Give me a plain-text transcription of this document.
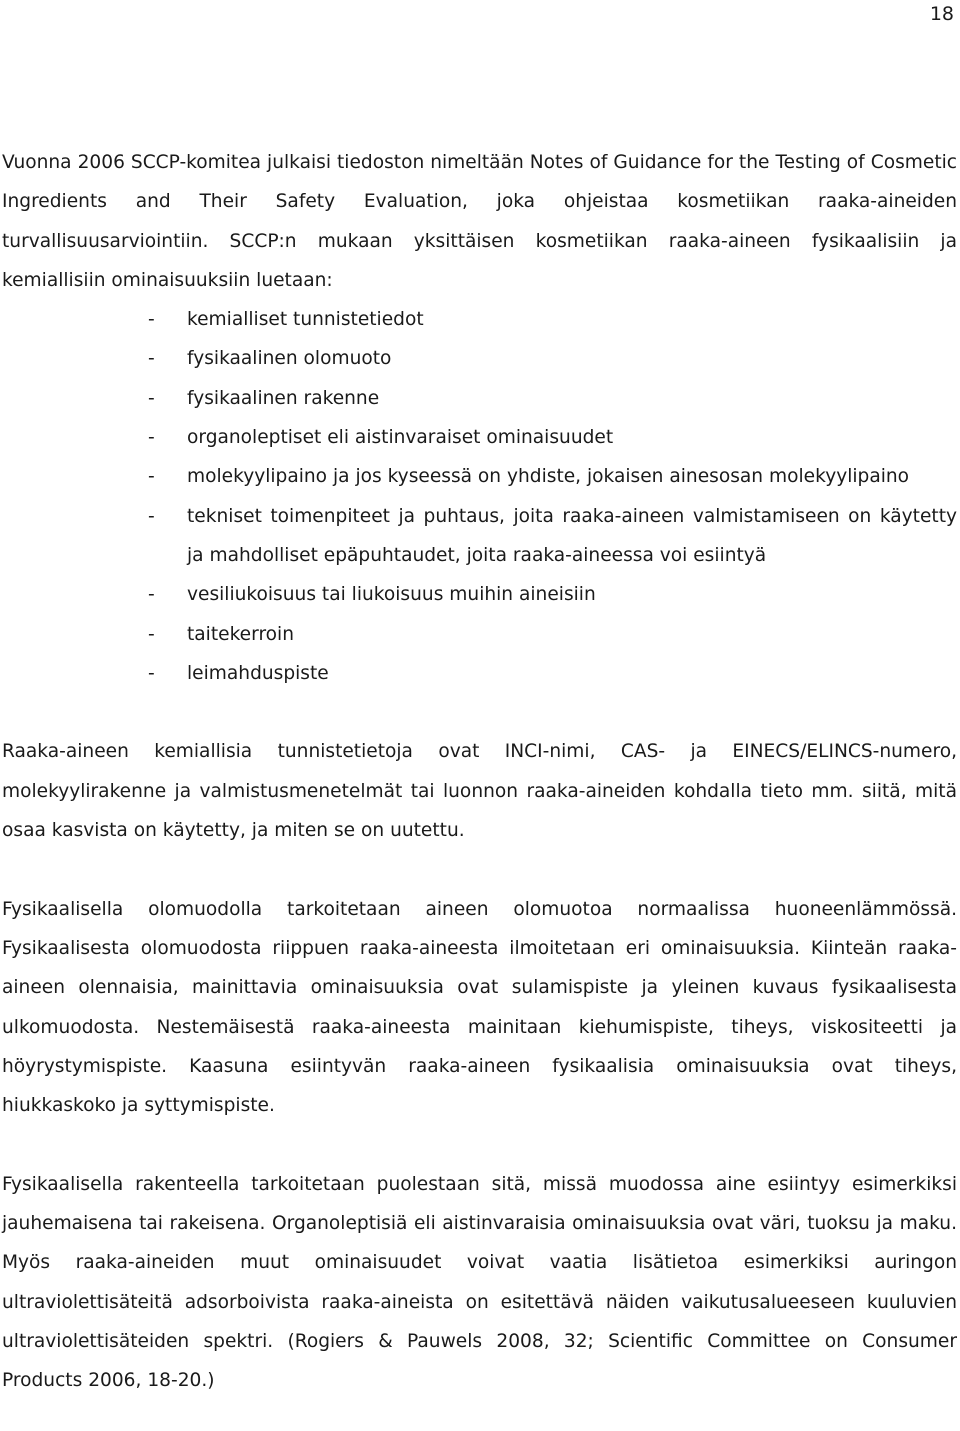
18

Vuonna 2006 SCCP-komitea julkaisi tiedoston nimeltään Notes of Guidance for the Testing of Cosmetic Ingredients and Their Safety Evaluation, joka ohjeistaa kosmetiikan raaka-aineiden turvallisuusarviointiin. SCCP:n mukaan yksittäisen kosmetiikan raaka-aineen fysikaalisiin ja kemiallisiin ominaisuuksiin luetaan:

- kemialliset tunnistetiedot
- fysikaalinen olomuoto
- fysikaalinen rakenne
- organoleptiset eli aistinvaraiset ominaisuudet
- molekyylipaino ja jos kyseessä on yhdiste, jokaisen ainesosan molekyylipaino
- tekniset toimenpiteet ja puhtaus, joita raaka-aineen valmistamiseen on käytetty ja mahdolliset epäpuhtaudet, joita raaka-aineessa voi esiintyä
- vesiliukoisuus tai liukoisuus muihin aineisiin
- taitekerroin
- leimahduspiste

Raaka-aineen kemiallisia tunnistetietoja ovat INCI-nimi, CAS- ja EINECS/ELINCS-numero, molekyylirakenne ja valmistusmenetelmät tai luonnon raaka-aineiden kohdalla tieto mm. siitä, mitä osaa kasvista on käytetty, ja miten se on uutettu.

Fysikaalisella olomuodolla tarkoitetaan aineen olomuotoa normaalissa huoneenlämmössä. Fysikaalisesta olomuodosta riippuen raaka-aineesta ilmoitetaan eri ominaisuuksia. Kiinteän raaka-aineen olennaisia, mainittavia ominaisuuksia ovat sulamispiste ja yleinen kuvaus fysikaalisesta ulkomuodosta. Nestemäisestä raaka-aineesta mainitaan kiehumispiste, tiheys, viskositeetti ja höyrystymispiste. Kaasuna esiintyvän raaka-aineen fysikaalisia ominaisuuksia ovat tiheys, hiukkaskoko ja syttymispiste.

Fysikaalisella rakenteella tarkoitetaan puolestaan sitä, missä muodossa aine esiintyy esimerkiksi jauhemaisena tai rakeisena. Organoleptisiä eli aistinvaraisia ominaisuuksia ovat väri, tuoksu ja maku. Myös raaka-aineiden muut ominaisuudet voivat vaatia lisätietoa esimerkiksi auringon ultraviolettisäteitä adsorboivista raaka-aineista on esitettävä näiden vaikutusalueeseen kuuluvien ultraviolettisäteiden spektri. (Rogiers & Pauwels 2008, 32; Scientific Committee on Consumer Products 2006, 18-20.)
